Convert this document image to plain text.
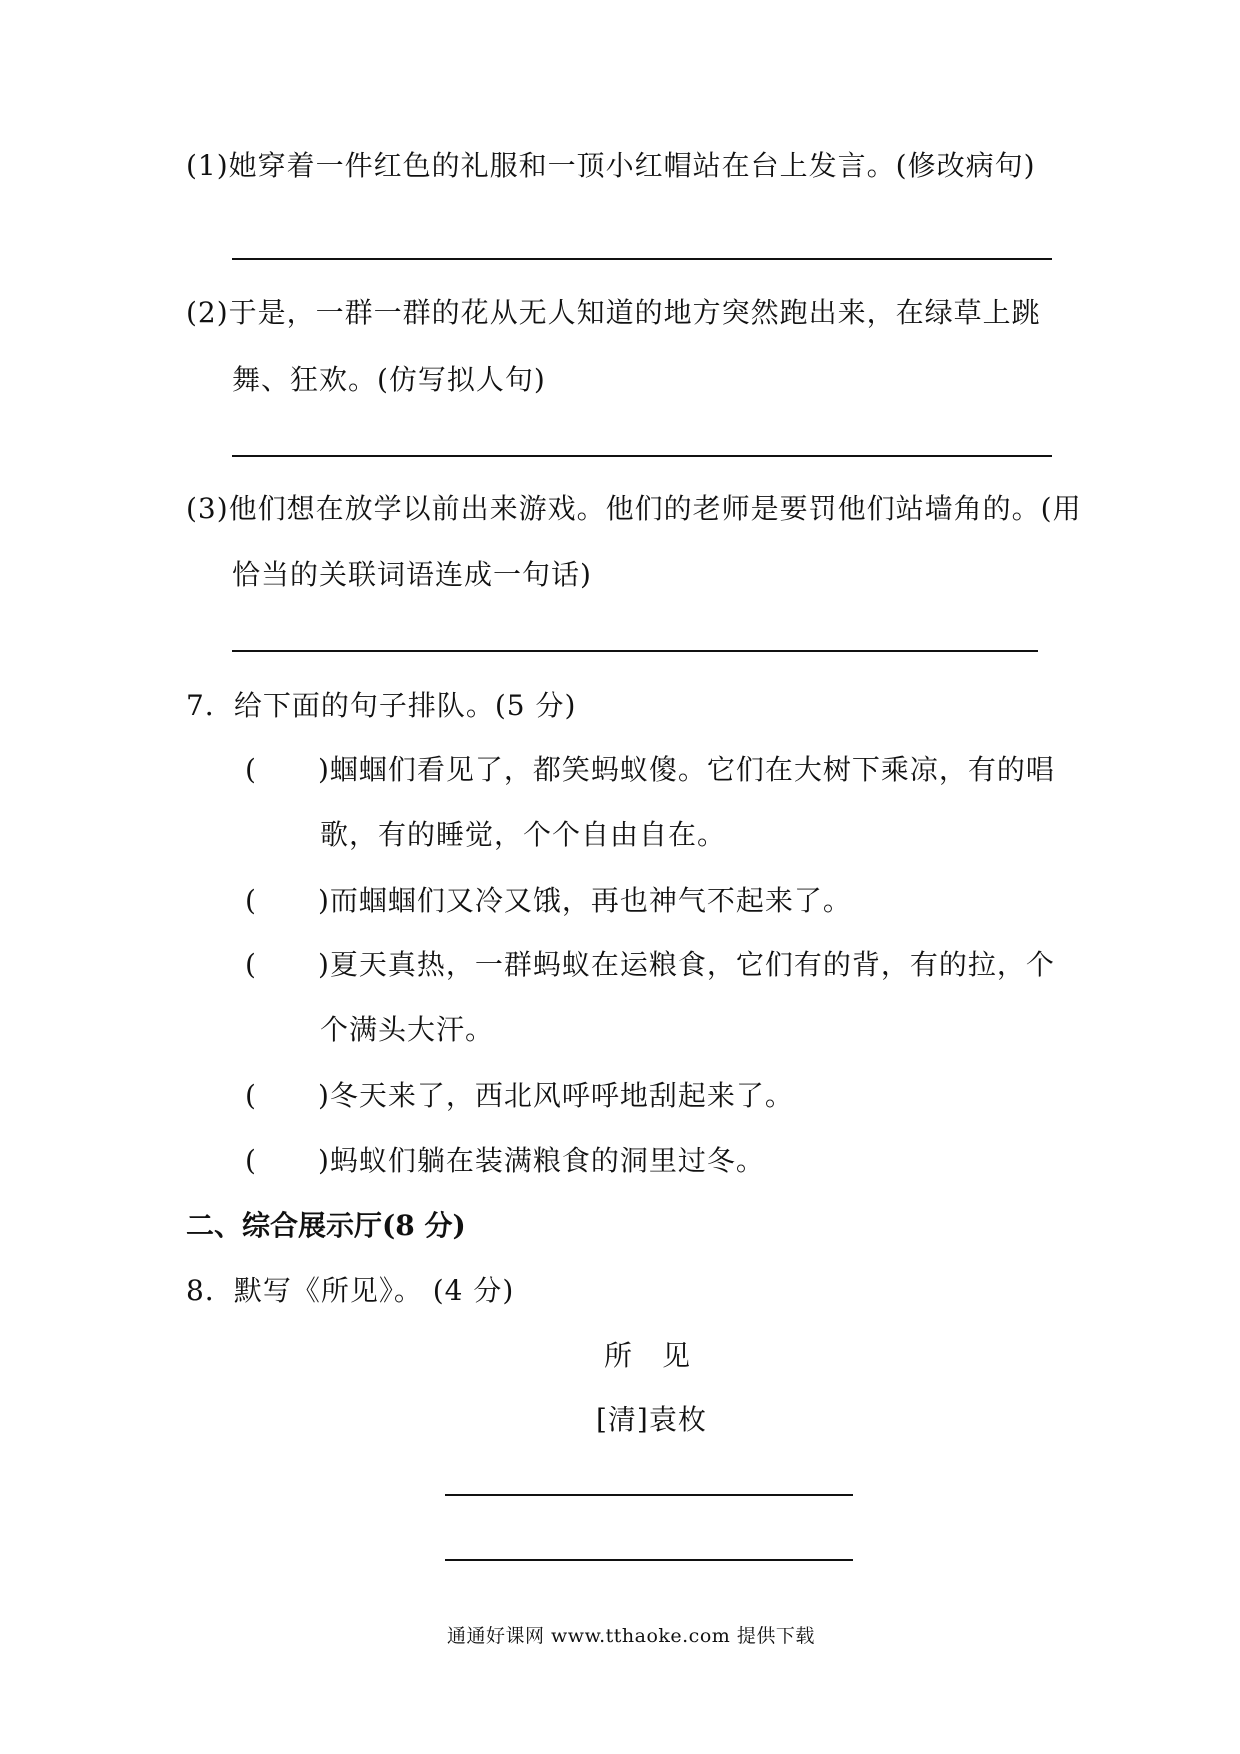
(1)她穿着一件红色的礼服和一顶小红帽站在台上发言。(修改病句)
(2)于是，一群一群的花从无人知道的地方突然跑出来，在绿草上跳
舞、狂欢。(仿写拟人句)
(3)他们想在放学以前出来游戏。他们的老师是要罚他们站墙角的。(用
恰当的关联词语连成一句话)
7．给下面的句子排队。(5 分)
( )蝈蝈们看见了，都笑蚂蚁傻。它们在大树下乘凉，有的唱
歌，有的睡觉，个个自由自在。
( )而蝈蝈们又冷又饿，再也神气不起来了。
( )夏天真热，一群蚂蚁在运粮食，它们有的背，有的拉，个
个满头大汗。
( )冬天来了，西北风呼呼地刮起来了。
( )蚂蚁们躺在装满粮食的洞里过冬。
二、综合展示厅(8 分)
8．默写《所见》。 (4 分)
所　见
[清]袁枚
通通好课网 www.tthaoke.com 提供下载
